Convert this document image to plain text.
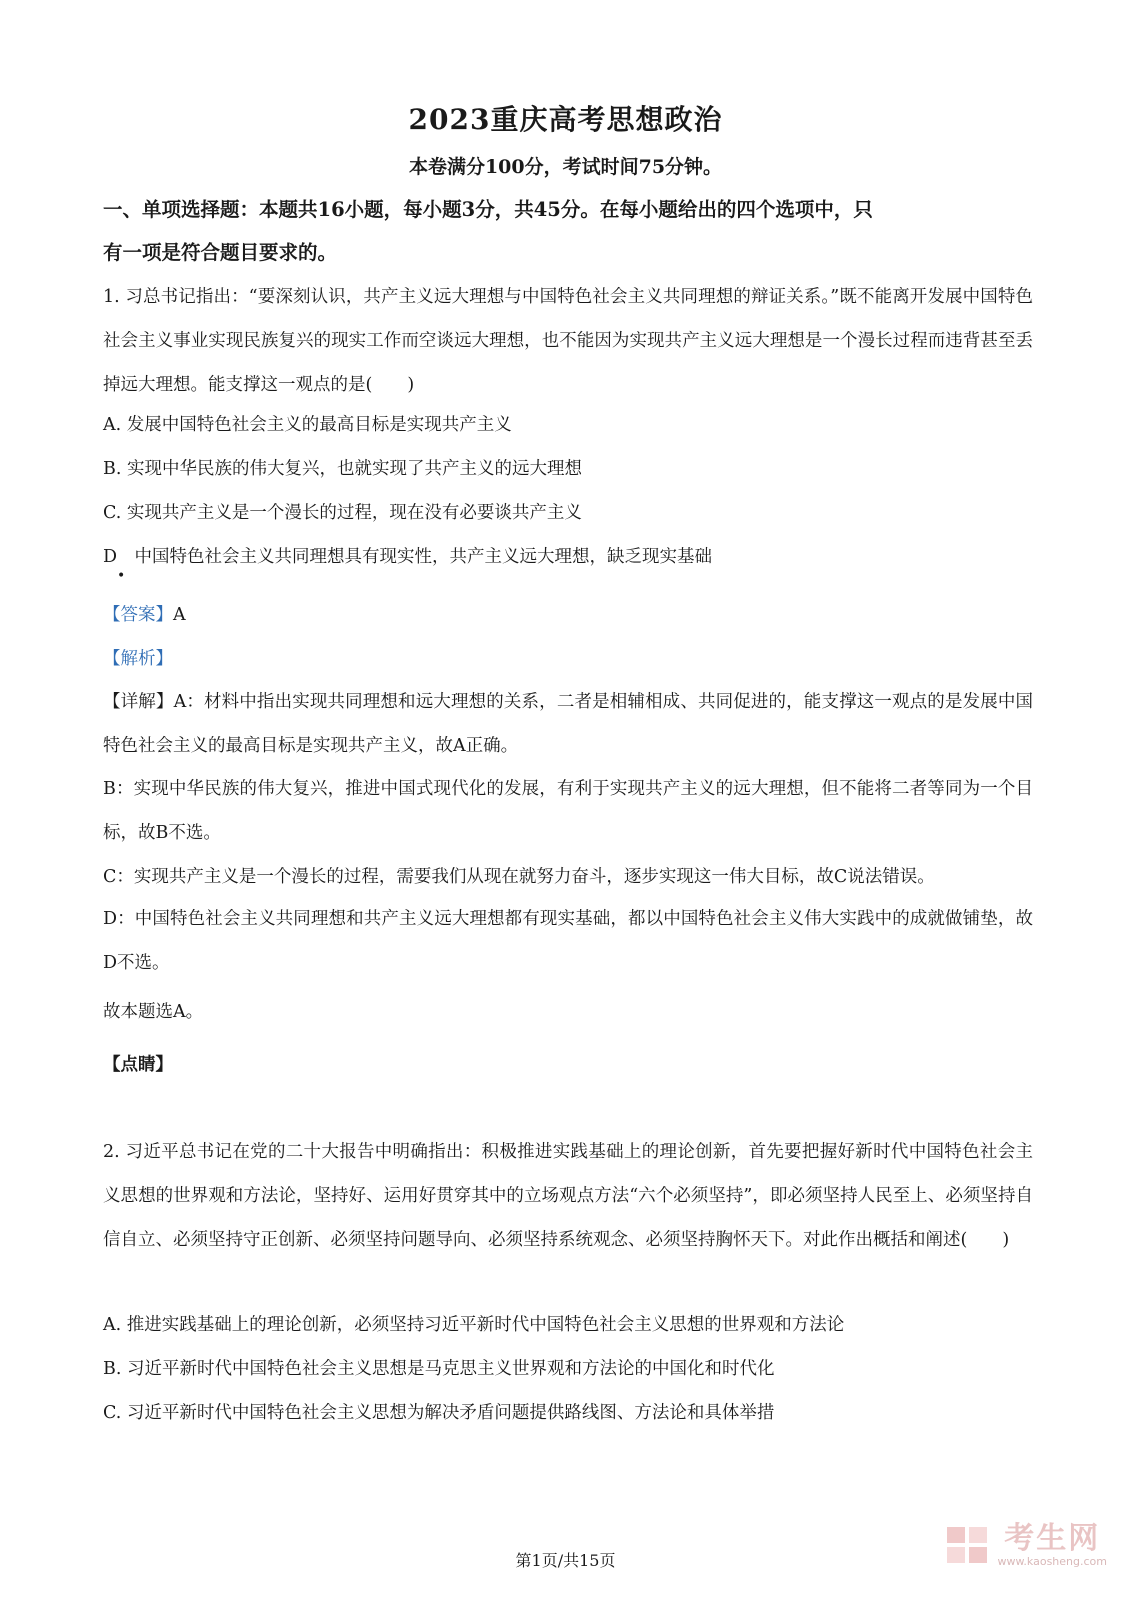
2023重庆高考思想政治
本卷满分100分，考试时间75分钟。
一、单项选择题：本题共16小题，每小题3分，共45分。在每小题给出的四个选项中，只
有一项是符合题目要求的。
1. 习总书记指出：“要深刻认识，共产主义远大理想与中国特色社会主义共同理想的辩证关系。”既不能离开发展中国特色社会主义事业实现民族复兴的现实工作而空谈远大理想，也不能因为实现共产主义远大理想是一个漫长过程而违背甚至丢掉远大理想。能支撑这一观点的是(　　)
A. 发展中国特色社会主义的最高目标是实现共产主义
B. 实现中华民族的伟大复兴，也就实现了共产主义的远大理想
C. 实现共产主义是一个漫长的过程，现在没有必要谈共产主义
D　中国特色社会主义共同理想具有现实性，共产主义远大理想，缺乏现实基础
•
【答案】A
【解析】
【详解】A：材料中指出实现共同理想和远大理想的关系，二者是相辅相成、共同促进的，能支撑这一观点的是发展中国特色社会主义的最高目标是实现共产主义，故A正确。
B：实现中华民族的伟大复兴，推进中国式现代化的发展，有利于实现共产主义的远大理想，但不能将二者等同为一个目标，故B不选。
C：实现共产主义是一个漫长的过程，需要我们从现在就努力奋斗，逐步实现这一伟大目标，故C说法错误。
D：中国特色社会主义共同理想和共产主义远大理想都有现实基础，都以中国特色社会主义伟大实践中的成就做铺垫，故D不选。
故本题选A。
【点睛】
2. 习近平总书记在党的二十大报告中明确指出：积极推进实践基础上的理论创新，首先要把握好新时代中国特色社会主义思想的世界观和方法论，坚持好、运用好贯穿其中的立场观点方法“六个必须坚持”，即必须坚持人民至上、必须坚持自信自立、必须坚持守正创新、必须坚持问题导向、必须坚持系统观念、必须坚持胸怀天下。对此作出概括和阐述(　　)
A. 推进实践基础上的理论创新，必须坚持习近平新时代中国特色社会主义思想的世界观和方法论
B. 习近平新时代中国特色社会主义思想是马克思主义世界观和方法论的中国化和时代化
C. 习近平新时代中国特色社会主义思想为解决矛盾问题提供路线图、方法论和具体举措
第1页/共15页
考生网
www.kaosheng.com
